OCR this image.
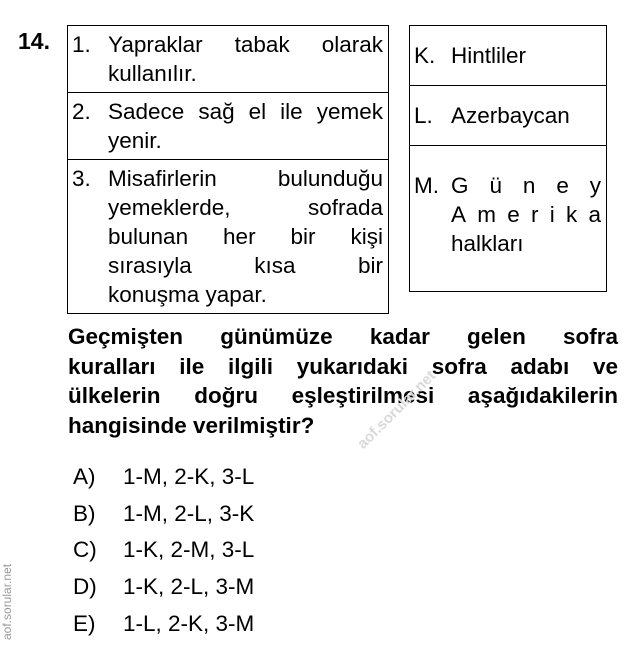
14. 1. Yapraklar tabak olarak
kullanılır.

2. Sadece sağ el ile yemek
yenir.

3. Misafirlerin bulunduğu
yemeklerde, sofrada
bulunan her bir kişi
sırasıyla kısa bir
konuşma yapar.
K. Hintliler

L. Azerbaycan

M. G ü n e y
A m e r i k a
halkları
Geçmişten günümüze kadar gelen sofra
kuralları ile ilgili yukarıdaki sofra adabı ve
ülkelerin doğru eşleştirilmesi aşağıdakilerin
hangisinde verilmiştir?
A)	1-M, 2-K, 3-L
B)	1-M, 2-L, 3-K
C)	1-K, 2-M, 3-L
D)	1-K, 2-L, 3-M
E)	1-L, 2-K, 3-M
aof.sorular.net
aof.sorular.net
